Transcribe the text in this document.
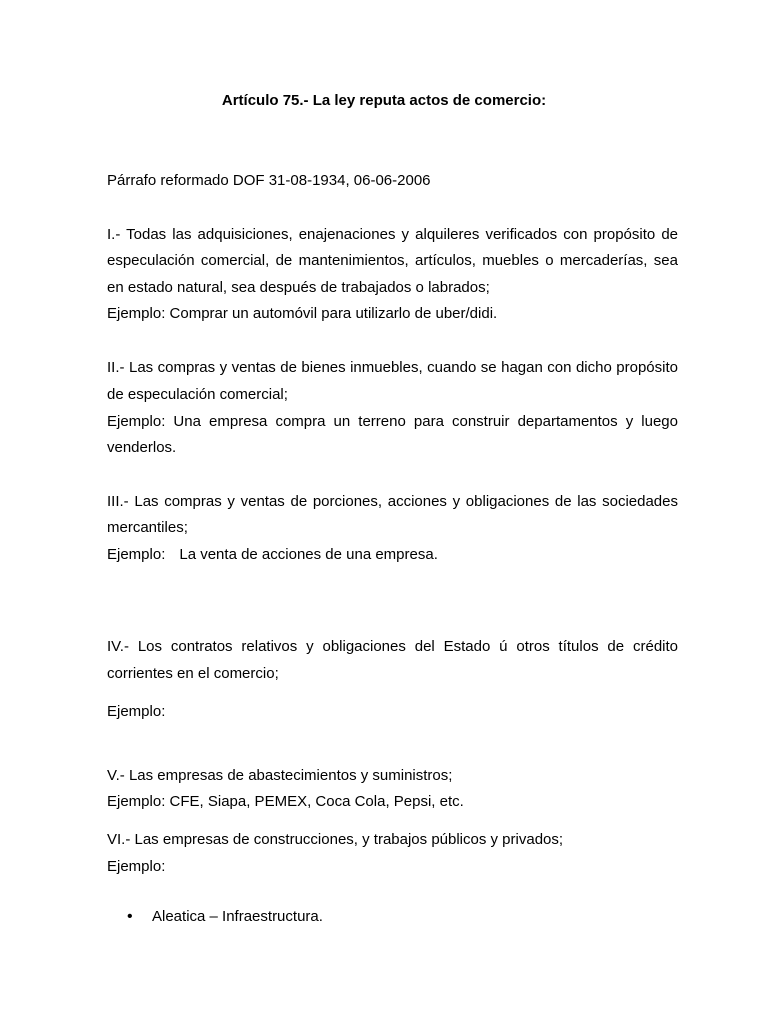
Artículo 75.- La ley reputa actos de comercio:
Párrafo reformado DOF 31-08-1934, 06-06-2006
I.- Todas las adquisiciones, enajenaciones y alquileres verificados con propósito de
especulación comercial, de mantenimientos, artículos, muebles o mercaderías, sea
en estado natural, sea después de trabajados o labrados;
Ejemplo: Comprar un automóvil para utilizarlo de uber/didi.
II.- Las compras y ventas de bienes inmuebles, cuando se hagan con dicho propósito
de especulación comercial;
Ejemplo: Una empresa compra un terreno para construir departamentos y luego
venderlos.
III.- Las compras y ventas de porciones, acciones y obligaciones de las sociedades
mercantiles;
Ejemplo: La venta de acciones de una empresa.
IV.- Los contratos relativos y obligaciones del Estado ú otros títulos de crédito
corrientes en el comercio;
Ejemplo:
V.- Las empresas de abastecimientos y suministros;
Ejemplo: CFE, Siapa, PEMEX, Coca Cola, Pepsi, etc.
VI.- Las empresas de construcciones, y trabajos públicos y privados;
Ejemplo:
• Aleatica – Infraestructura.
